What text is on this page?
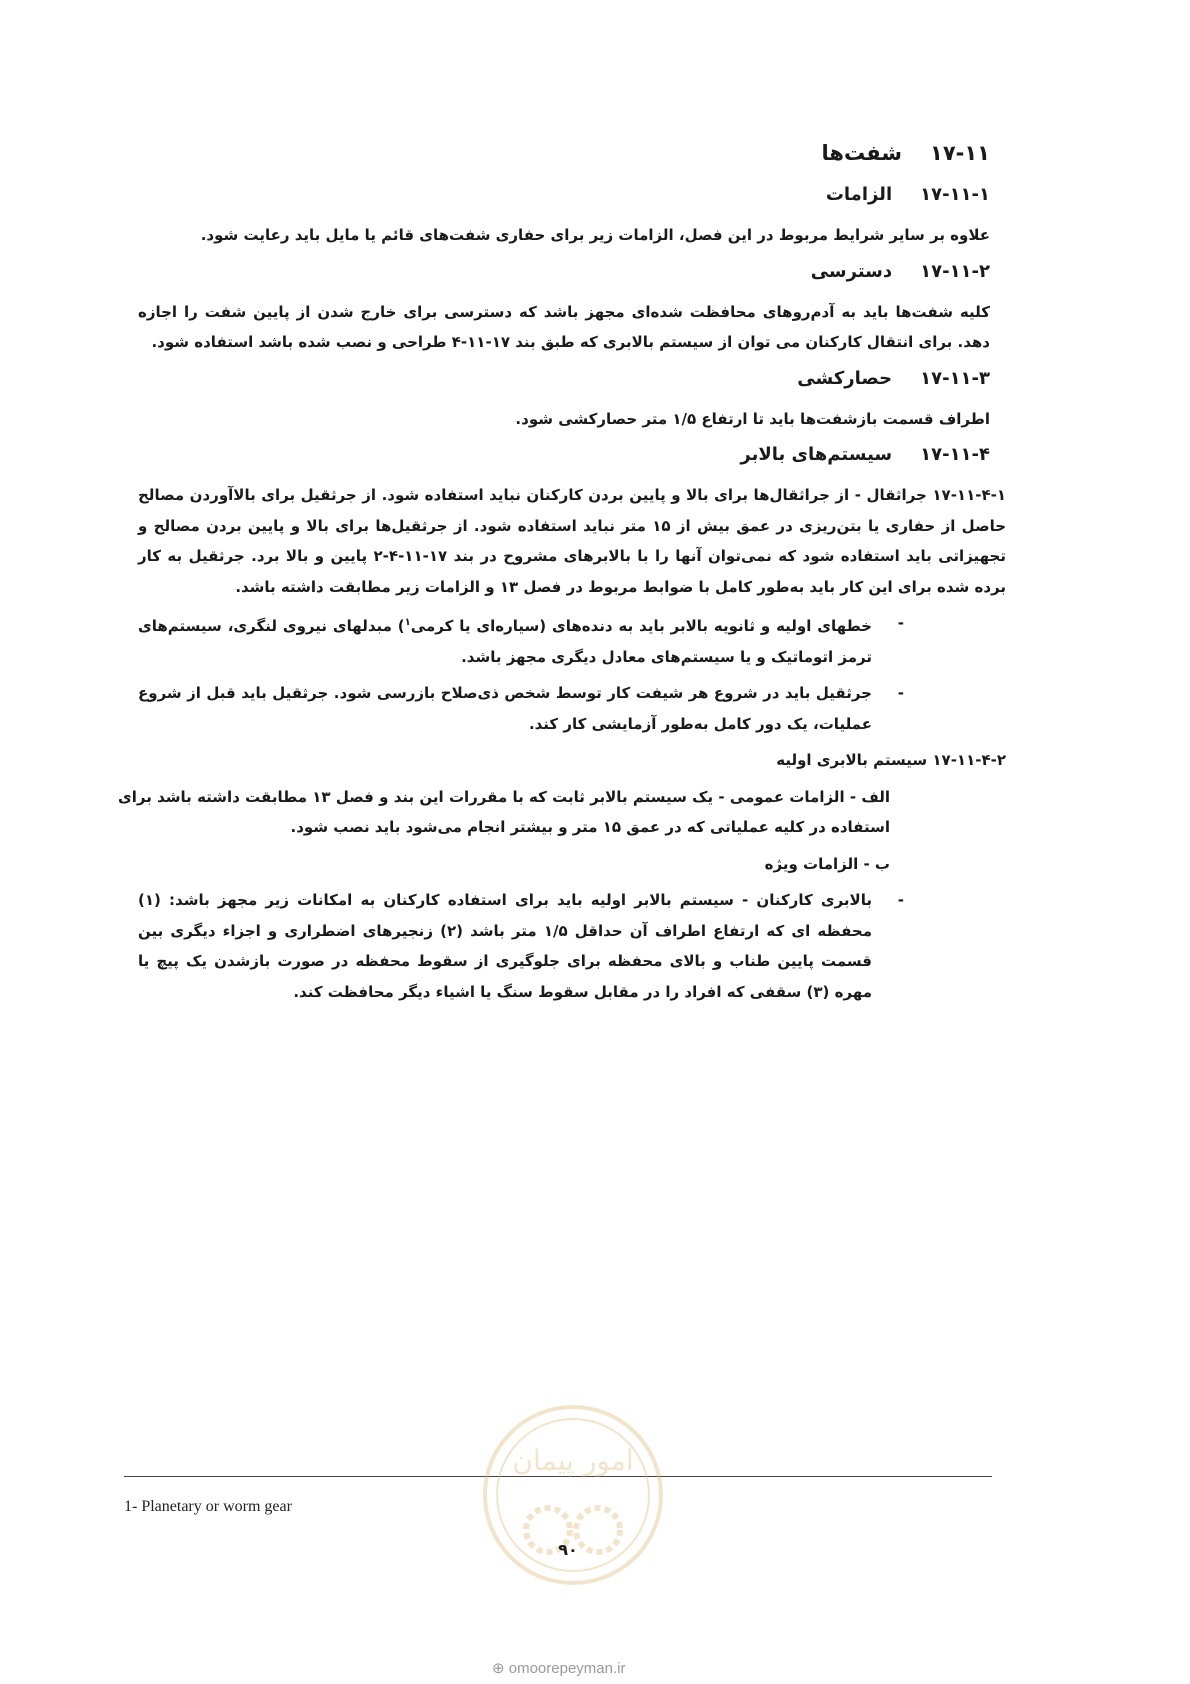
۱۷-۱۱
شفت‌ها
۱۷-۱۱-۱
الزامات

علاوه بر سایر شرایط مربوط در این فصل، الزامات زیر برای حفاری شفت‌های قائم یا مایل باید رعایت شود.

۱۷-۱۱-۲
دسترسی

کلیه شفت‌ها باید به آدم‌روهای محافظت شده‌ای مجهز باشد که دسترسی برای خارج شدن از پایین شفت را اجازه دهد. برای انتقال کارکنان می توان از سیستم بالابری که طبق بند ۱۷-۱۱-۴ طراحی و نصب شده باشد استفاده شود.

۱۷-۱۱-۳
حصارکشی

اطراف قسمت بازشفت‌ها باید تا ارتفاع ۱/۵ متر حصارکشی شود.

۱۷-۱۱-۴
سیستم‌های بالابر

۱۷-۱۱-۴-۱ جراثقال - از جراثقال‌ها برای بالا و پایین بردن کارکنان نباید استفاده شود. از جرثقیل برای بالاآوردن مصالح حاصل از حفاری یا بتن‌ریزی در عمق بیش از ۱۵ متر نباید استفاده شود. از جرثقیل‌ها برای بالا و پایین بردن مصالح و تجهیزاتی باید استفاده شود که نمی‌توان آنها را با بالابرهای مشروح در بند ۱۷-۱۱-۴-۲ پایین و بالا برد. جرثقیل به کار برده شده برای این کار باید به‌طور کامل با ضوابط مربوط در فصل ۱۳ و الزامات زیر مطابقت داشته باشد.

-
خطهای اولیه و ثانویه بالابر باید به دنده‌های (سیاره‌ای یا کرمی$^۱$) مبدلهای نیروی لنگری، سیستم‌های ترمز اتوماتیک و یا سیستم‌های معادل دیگری مجهز باشد.

-
جرثقیل باید در شروع هر شیفت کار توسط شخص ذی‌صلاح بازرسی شود. جرثقیل باید قبل از شروع عملیات، یک دور کامل به‌طور آزمایشی کار کند.

۱۷-۱۱-۴-۲ سیستم بالابری اولیه

الف - الزامات عمومی - یک سیستم بالابر ثابت که با مقررات این بند و فصل ۱۳ مطابقت داشته باشد برای استفاده در کلیه عملیاتی که در عمق ۱۵ متر و بیشتر انجام می‌شود باید نصب شود.

ب - الزامات ویژه

-
بالابری کارکنان - سیستم بالابر اولیه باید برای استفاده کارکنان به امکانات زیر مجهز باشد: (۱) محفظه ای که ارتفاع اطراف آن حداقل ۱/۵ متر باشد (۲) زنجیرهای اضطراری و اجزاء دیگری بین قسمت پایین طناب و بالای محفظه برای جلوگیری از سقوط محفظه در صورت بازشدن یک پیچ یا مهره (۳) سقفی که افراد را در مقابل سقوط سنگ یا اشیاء دیگر محافظت کند.

1- Planetary or worm gear
امور پیمان
۹۰
⊕ omoorepeyman.ir
